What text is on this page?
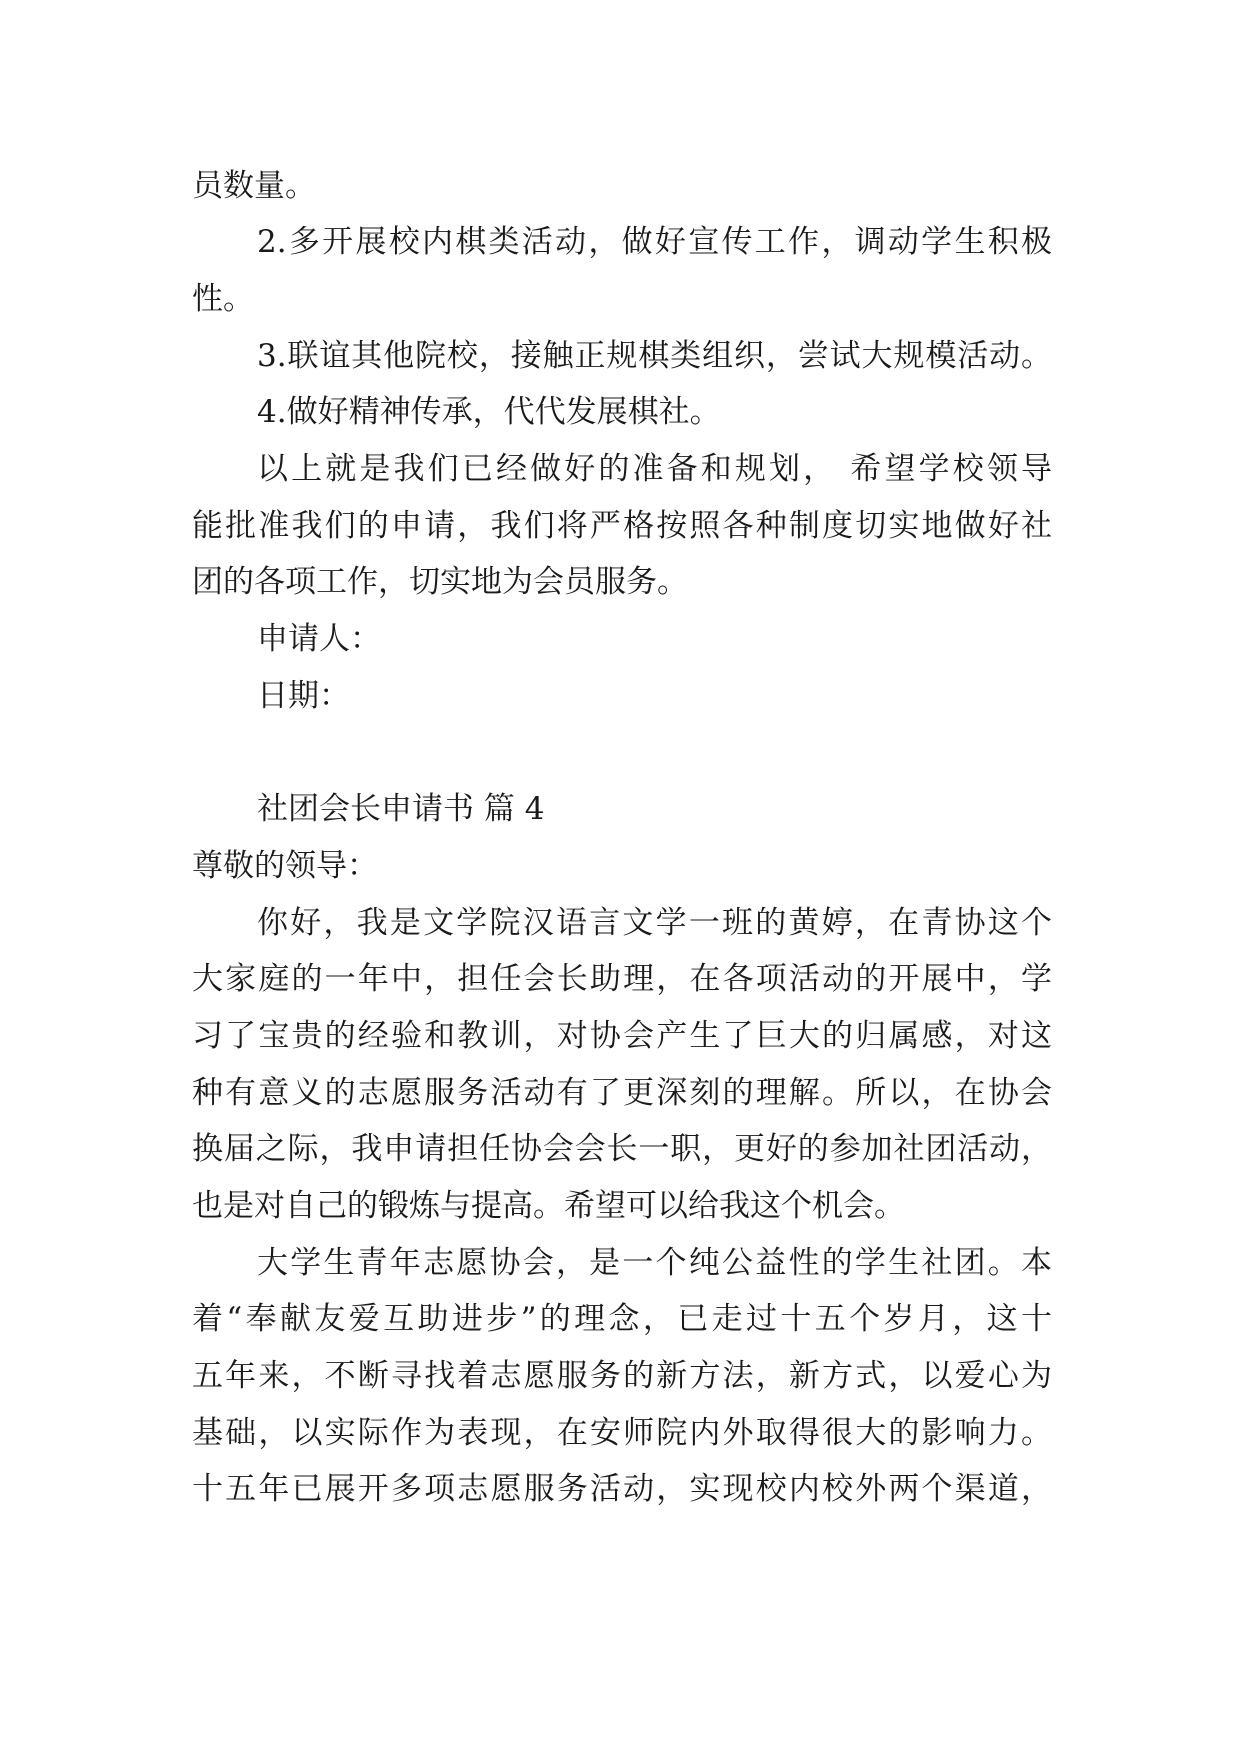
员数量。
2.多开展校内棋类活动，做好宣传工作，调动学生积极
性。
3.联谊其他院校，接触正规棋类组织，尝试大规模活动。
4.做好精神传承，代代发展棋社。
以上就是我们已经做好的准备和规划， 希望学校领导
能批准我们的申请，我们将严格按照各种制度切实地做好社
团的各项工作，切实地为会员服务。
申请人：
日期：
社团会长申请书 篇 4
尊敬的领导：
你好，我是文学院汉语言文学一班的黄婷，在青协这个
大家庭的一年中，担任会长助理，在各项活动的开展中，学
习了宝贵的经验和教训，对协会产生了巨大的归属感，对这
种有意义的志愿服务活动有了更深刻的理解。所以，在协会
换届之际，我申请担任协会会长一职，更好的参加社团活动，
也是对自己的锻炼与提高。希望可以给我这个机会。
大学生青年志愿协会，是一个纯公益性的学生社团。本
着“奉献友爱互助进步”的理念，已走过十五个岁月，这十
五年来，不断寻找着志愿服务的新方法，新方式，以爱心为
基础，以实际作为表现，在安师院内外取得很大的影响力。
十五年已展开多项志愿服务活动，实现校内校外两个渠道，
